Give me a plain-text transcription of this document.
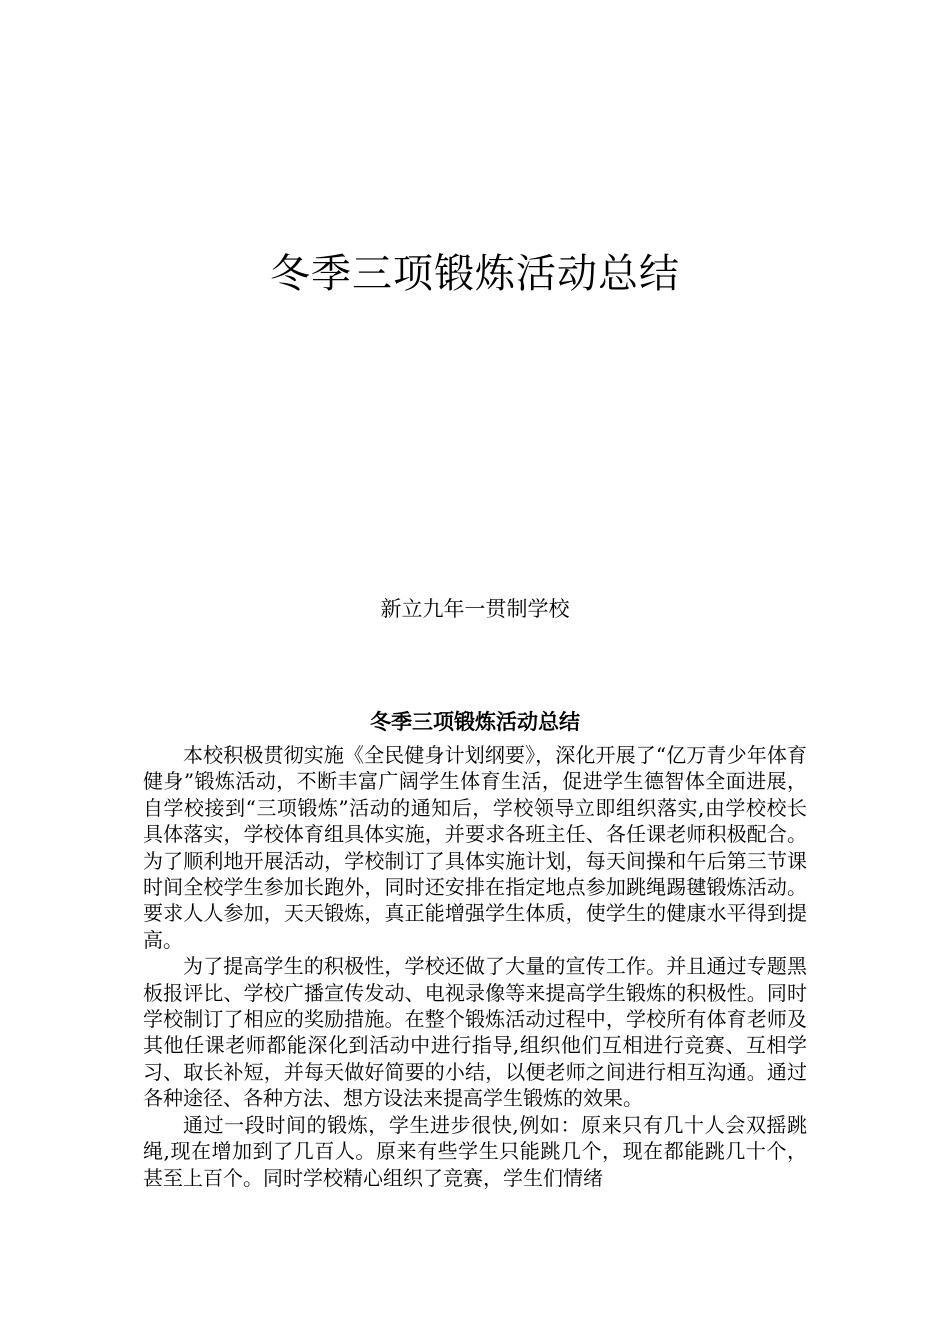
冬季三项锻炼活动总结
新立九年一贯制学校
冬季三项锻炼活动总结

本校积极贯彻实施《全民健身计划纲要》，深化开展了“亿万青少年体育健身”锻炼活动，不断丰富广阔学生体育生活，促进学生德智体全面进展，自学校接到“三项锻炼”活动的通知后，学校领导立即组织落实,由学校校长具体落实，学校体育组具体实施，并要求各班主任、各任课老师积极配合。为了顺利地开展活动，学校制订了具体实施计划，每天间操和午后第三节课时间全校学生参加长跑外，同时还安排在指定地点参加跳绳踢毽锻炼活动。要求人人参加，天天锻炼，真正能增强学生体质，使学生的健康水平得到提高。

为了提高学生的积极性，学校还做了大量的宣传工作。并且通过专题黑板报评比、学校广播宣传发动、电视录像等来提高学生锻炼的积极性。同时学校制订了相应的奖励措施。在整个锻炼活动过程中，学校所有体育老师及其他任课老师都能深化到活动中进行指导,组织他们互相进行竞赛、互相学习、取长补短，并每天做好简要的小结，以便老师之间进行相互沟通。通过各种途径、各种方法、想方设法来提高学生锻炼的效果。

通过一段时间的锻炼，学生进步很快,例如：原来只有几十人会双摇跳绳,现在增加到了几百人。原来有些学生只能跳几个，现在都能跳几十个，甚至上百个。同时学校精心组织了竞赛，学生们情绪
